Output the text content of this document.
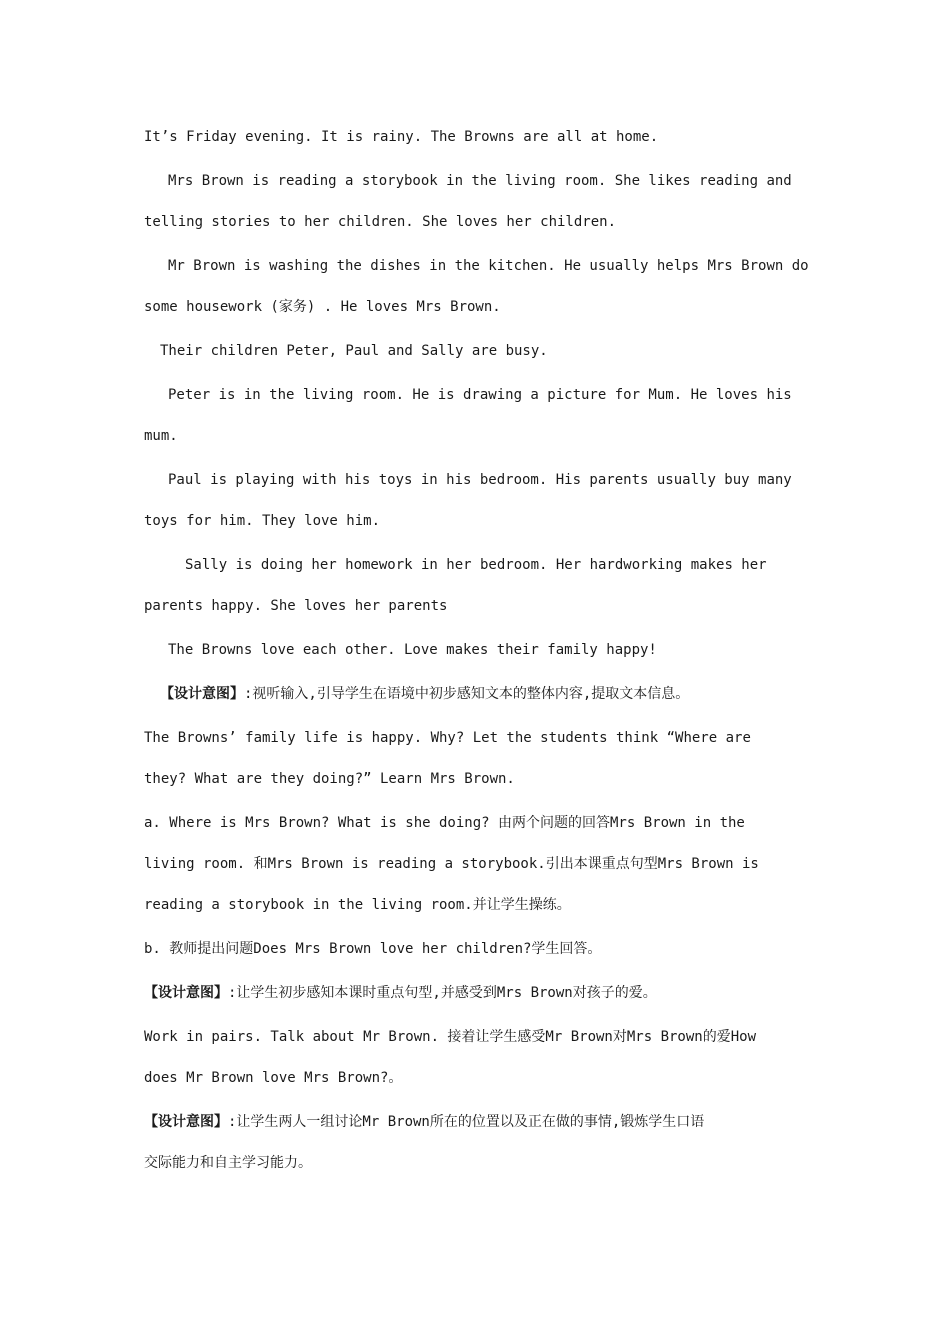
It’s Friday evening. It is rainy. The Browns are all at home.
Mrs Brown is reading a storybook in the living room. She likes reading and
telling stories to her children. She loves her children.
Mr Brown is washing the dishes in the kitchen. He usually helps Mrs Brown do
some housework (家务) . He loves Mrs Brown.
Their children Peter, Paul and Sally are busy.
Peter is in the living room. He is drawing a picture for Mum. He loves his
mum.
Paul is playing with his toys in his bedroom. His parents usually buy many
toys for him. They love him.
Sally is doing her homework in her bedroom. Her hardworking makes her
parents happy. She loves her parents
The Browns love each other. Love makes their family happy!
【设计意图】:视听输入,引导学生在语境中初步感知文本的整体内容,提取文本信息。
The Browns’ family life is happy. Why? Let the students think “Where are
they? What are they doing?” Learn Mrs Brown.
a. Where is Mrs Brown? What is she doing? 由两个问题的回答Mrs Brown in the
living room. 和Mrs Brown is reading a storybook.引出本课重点句型Mrs Brown is
reading a storybook in the living room.并让学生操练。
b. 教师提出问题Does Mrs Brown love her children?学生回答。
【设计意图】:让学生初步感知本课时重点句型,并感受到Mrs Brown对孩子的爱。
Work in pairs. Talk about Mr Brown. 接着让学生感受Mr Brown对Mrs Brown的爱How
does Mr Brown love Mrs Brown?。
【设计意图】:让学生两人一组讨论Mr Brown所在的位置以及正在做的事情,锻炼学生口语
交际能力和自主学习能力。
